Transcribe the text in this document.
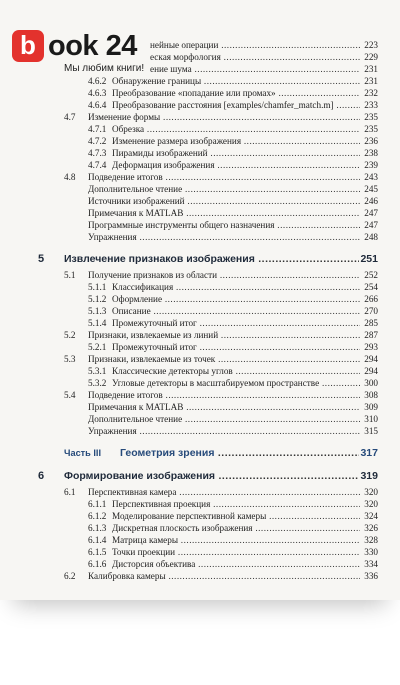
b ook 24
Мы любим книги!
нейные операции .....	223
еская морфология .....	229
ение шума .....	231
4.6.2 Обнаружение границы .....	231
4.6.3 Преобразование «попадание или промах» .....	232
4.6.4 Преобразование расстояния [examples/chamfer_match.m] .....	233
4.7 Изменение формы .....	235
4.7.1 Обрезка .....	235
4.7.2 Изменение размера изображения .....	236
4.7.3 Пирамиды изображений .....	238
4.7.4 Деформация изображения .....	239
4.8 Подведение итогов .....	243
Дополнительное чтение .....	245
Источники изображений .....	246
Примечания к MATLAB .....	247
Программные инструменты общего назначения .....	247
Упражнения .....	248
5 Извлечение признаков изображения .....	251
5.1 Получение признаков из области .....	252
5.1.1 Классификация .....	254
5.1.2 Оформление .....	266
5.1.3 Описание .....	270
5.1.4 Промежуточный итог .....	285
5.2 Признаки, извлекаемые из линий .....	287
5.2.1 Промежуточный итог .....	293
5.3 Признаки, извлекаемые из точек .....	294
5.3.1 Классические детекторы углов .....	294
5.3.2 Угловые детекторы в масштабируемом пространстве .....	300
5.4 Подведение итогов .....	308
Примечания к MATLAB .....	309
Дополнительное чтение .....	310
Упражнения .....	315
Часть III Геометрия зрения .....	317
6 Формирование изображения .....	319
6.1 Перспективная камера .....	320
6.1.1 Перспективная проекция .....	320
6.1.2 Моделирование перспективной камеры .....	324
6.1.3 Дискретная плоскость изображения .....	326
6.1.4 Матрица камеры .....	328
6.1.5 Точки проекции .....	330
6.1.6 Дисторсия объектива .....	334
6.2 Калибровка камеры .....	336
